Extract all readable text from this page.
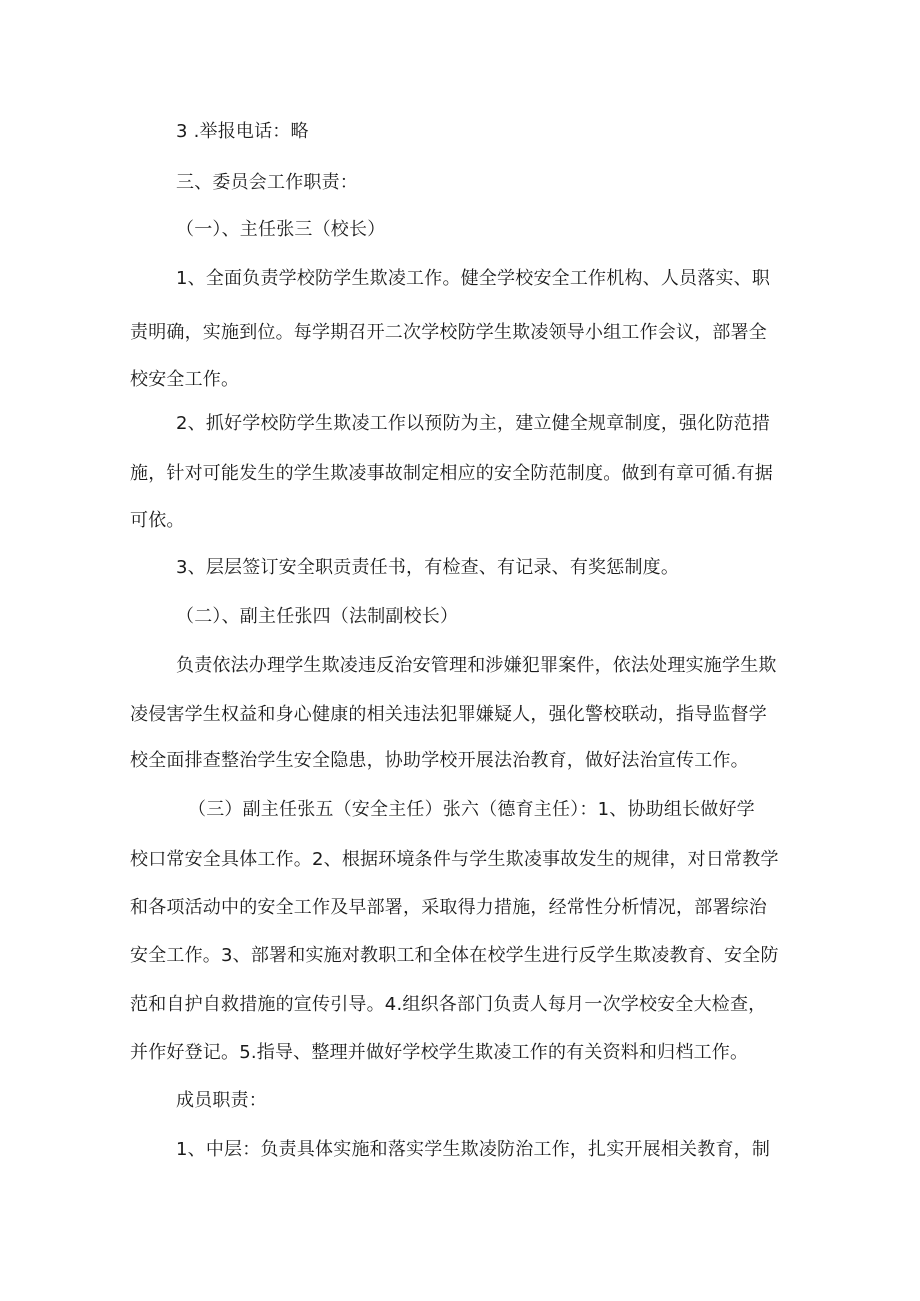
3 .举报电话：略
三、委员会工作职责：
（一）、主任张三（校长）
1、全面负责学校防学生欺凌工作。健全学校安全工作机构、人员落实、职
责明确，实施到位。每学期召开二次学校防学生欺凌领导小组工作会议，部署全
校安全工作。
2、抓好学校防学生欺凌工作以预防为主，建立健全规章制度，强化防范措
施，针对可能发生的学生欺凌事故制定相应的安全防范制度。做到有章可循.有据
可依。
3、层层签订安全职贡责任书，有检查、有记录、有奖惩制度。
（二）、副主任张四（法制副校长）
负责依法办理学生欺凌违反治安管理和涉嫌犯罪案件，依法处理实施学生欺
凌侵害学生权益和身心健康的相关违法犯罪嫌疑人，强化警校联动，指导监督学
校全面排查整治学生安全隐患，协助学校开展法治教育，做好法治宣传工作。
（三）副主任张五（安全主任）张六（德育主任）：1、协助组长做好学
校口常安全具体工作。2、根据环境条件与学生欺凌事故发生的规律，对日常教学
和各项活动中的安全工作及早部署，采取得力措施，经常性分析情况，部署综治
安全工作。3、部署和实施对教职工和全体在校学生进行反学生欺凌教育、安全防
范和自护自救措施的宣传引导。4.组织各部门负责人每月一次学校安全大检查，
并作好登记。5.指导、整理并做好学校学生欺凌工作的有关资料和归档工作。
成员职责：
1、中层：负责具体实施和落实学生欺凌防治工作，扎实开展相关教育，制
